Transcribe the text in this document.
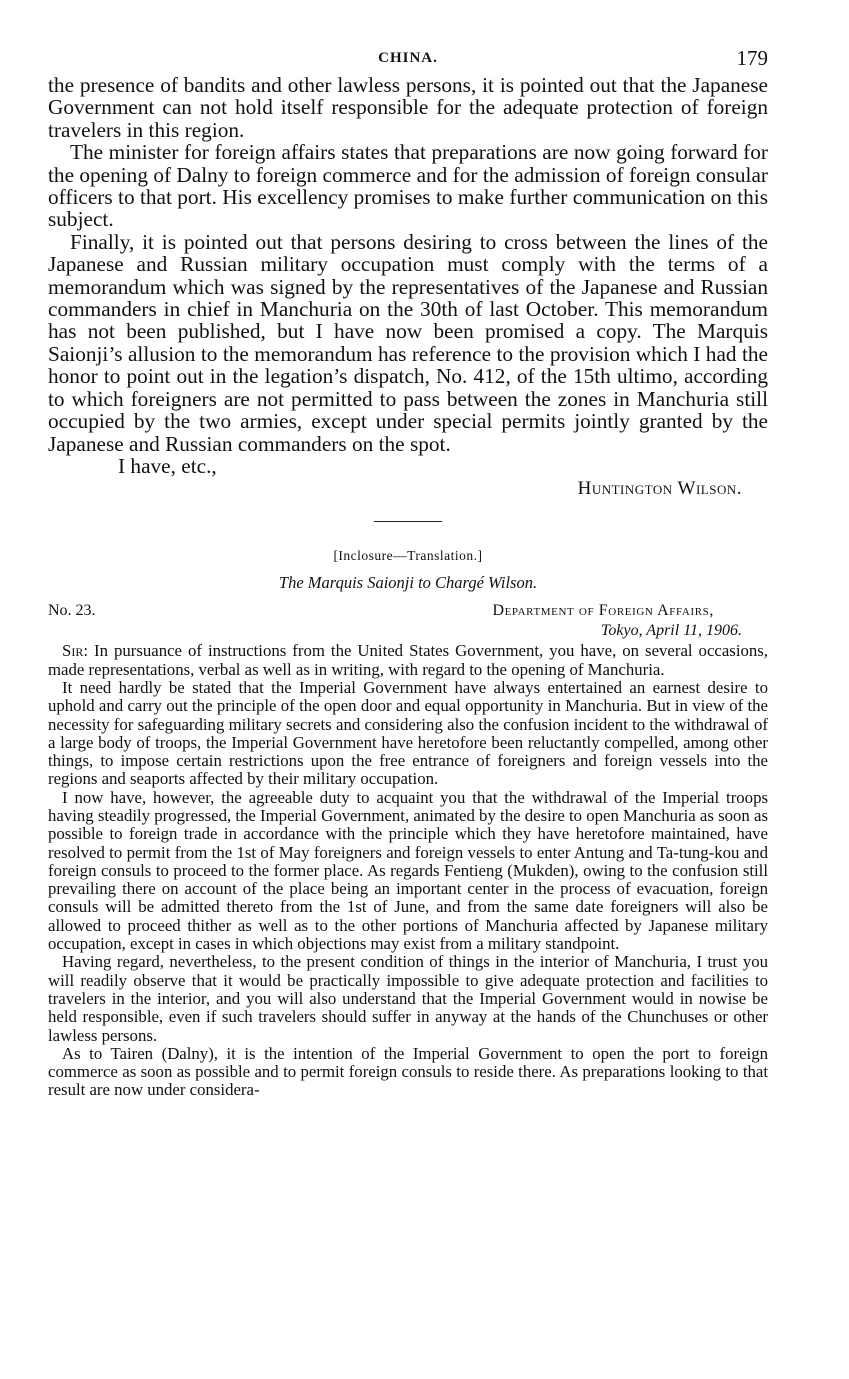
CHINA.	179

the presence of bandits and other lawless persons, it is pointed out that the Japanese Government can not hold itself responsible for the adequate protection of foreign travelers in this region.

The minister for foreign affairs states that preparations are now going forward for the opening of Dalny to foreign commerce and for the admission of foreign consular officers to that port. His excellency promises to make further communication on this subject.

Finally, it is pointed out that persons desiring to cross between the lines of the Japanese and Russian military occupation must comply with the terms of a memorandum which was signed by the representatives of the Japanese and Russian commanders in chief in Manchuria on the 30th of last October. This memorandum has not been published, but I have now been promised a copy. The Marquis Saionji’s allusion to the memorandum has reference to the provision which I had the honor to point out in the legation’s dispatch, No. 412, of the 15th ultimo, according to which foreigners are not permitted to pass between the zones in Manchuria still occupied by the two armies, except under special permits jointly granted by the Japanese and Russian commanders on the spot.

I have, etc.,

Huntington Wilson.

[Inclosure—Translation.]
The Marquis Saionji to Chargé Wilson.
No. 23.	Department of Foreign Affairs,
Tokyo, April 11, 1906.

Sir: In pursuance of instructions from the United States Government, you have, on several occasions, made representations, verbal as well as in writing, with regard to the opening of Manchuria.

It need hardly be stated that the Imperial Government have always entertained an earnest desire to uphold and carry out the principle of the open door and equal opportunity in Manchuria. But in view of the necessity for safeguarding military secrets and considering also the confusion incident to the withdrawal of a large body of troops, the Imperial Government have heretofore been reluctantly compelled, among other things, to impose certain restrictions upon the free entrance of foreigners and foreign vessels into the regions and seaports affected by their military occupation.

I now have, however, the agreeable duty to acquaint you that the withdrawal of the Imperial troops having steadily progressed, the Imperial Government, animated by the desire to open Manchuria as soon as possible to foreign trade in accordance with the principle which they have heretofore maintained, have resolved to permit from the 1st of May foreigners and foreign vessels to enter Antung and Ta-tung-kou and foreign consuls to proceed to the former place. As regards Fentieng (Mukden), owing to the confusion still prevailing there on account of the place being an important center in the process of evacuation, foreign consuls will be admitted thereto from the 1st of June, and from the same date foreigners will also be allowed to proceed thither as well as to the other portions of Manchuria affected by Japanese military occupation, except in cases in which objections may exist from a military standpoint.

Having regard, nevertheless, to the present condition of things in the interior of Manchuria, I trust you will readily observe that it would be practically impossible to give adequate protection and facilities to travelers in the interior, and you will also understand that the Imperial Government would in nowise be held responsible, even if such travelers should suffer in anyway at the hands of the Chunchuses or other lawless persons.

As to Tairen (Dalny), it is the intention of the Imperial Government to open the port to foreign commerce as soon as possible and to permit foreign consuls to reside there. As preparations looking to that result are now under considera-
